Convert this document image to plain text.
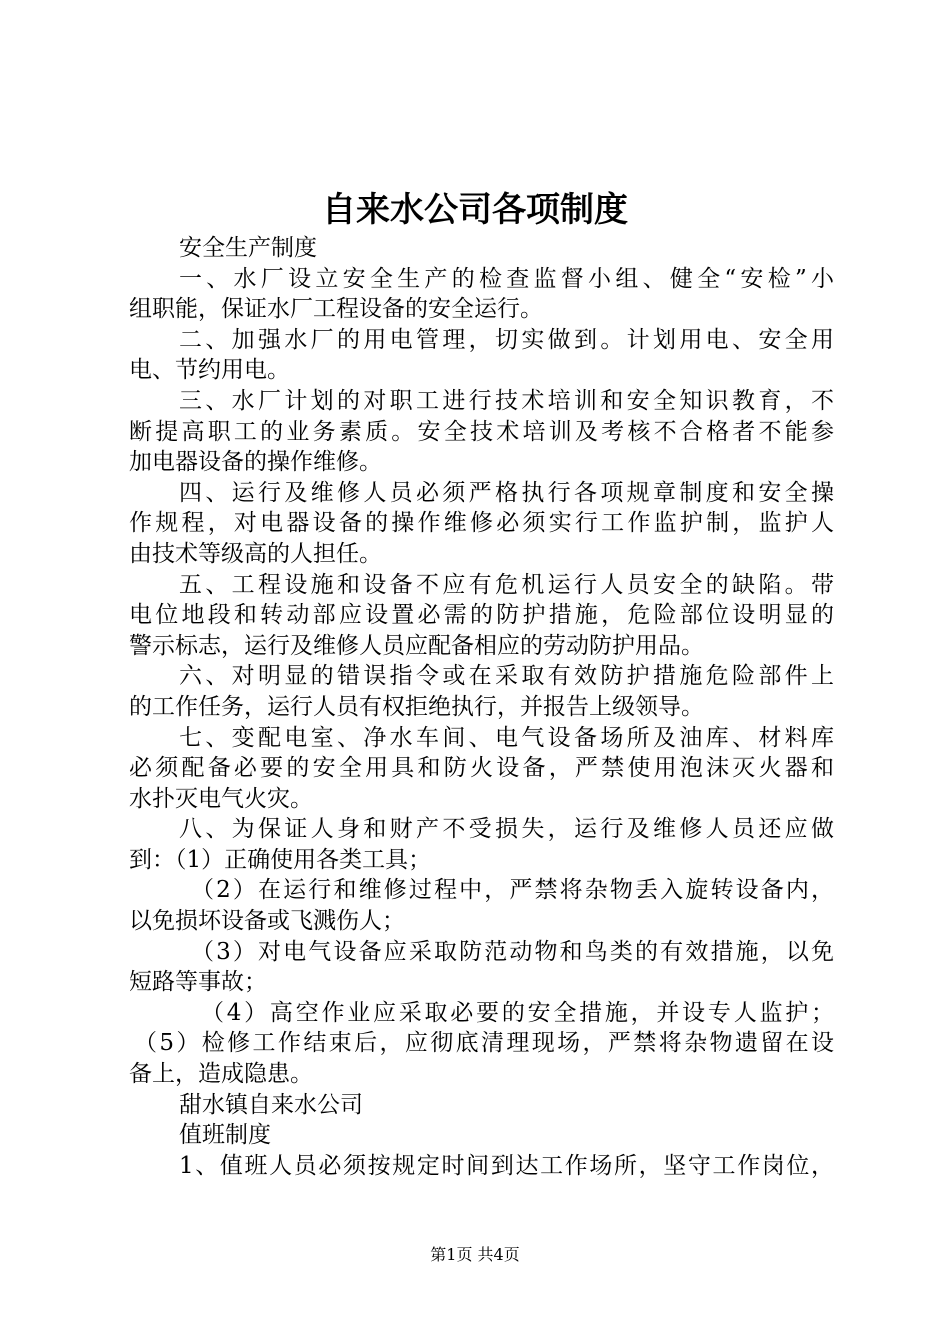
自来水公司各项制度
安全生产制度
一、水厂设立安全生产的检查监督小组、健全“安检”小
组职能，保证水厂工程设备的安全运行。
二、加强水厂的用电管理，切实做到。计划用电、安全用
电、节约用电。
三、水厂计划的对职工进行技术培训和安全知识教育，不
断提高职工的业务素质。安全技术培训及考核不合格者不能参
加电器设备的操作维修。
四、运行及维修人员必须严格执行各项规章制度和安全操
作规程，对电器设备的操作维修必须实行工作监护制，监护人
由技术等级高的人担任。
五、工程设施和设备不应有危机运行人员安全的缺陷。带
电位地段和转动部应设置必需的防护措施，危险部位设明显的
警示标志，运行及维修人员应配备相应的劳动防护用品。
六、对明显的错误指令或在采取有效防护措施危险部件上
的工作任务，运行人员有权拒绝执行，并报告上级领导。
七、变配电室、净水车间、电气设备场所及油库、材料库
必须配备必要的安全用具和防火设备，严禁使用泡沫灭火器和
水扑灭电气火灾。
八、为保证人身和财产不受损失，运行及维修人员还应做
到：（1）正确使用各类工具；
（2）在运行和维修过程中，严禁将杂物丢入旋转设备内，
以免损坏设备或飞溅伤人；
（3）对电气设备应采取防范动物和鸟类的有效措施，以免
短路等事故；
（4）高空作业应采取必要的安全措施，并设专人监护；
（5）检修工作结束后，应彻底清理现场，严禁将杂物遗留在设
备上，造成隐患。
甜水镇自来水公司
值班制度
1、值班人员必须按规定时间到达工作场所，坚守工作岗位，
第1页 共4页
